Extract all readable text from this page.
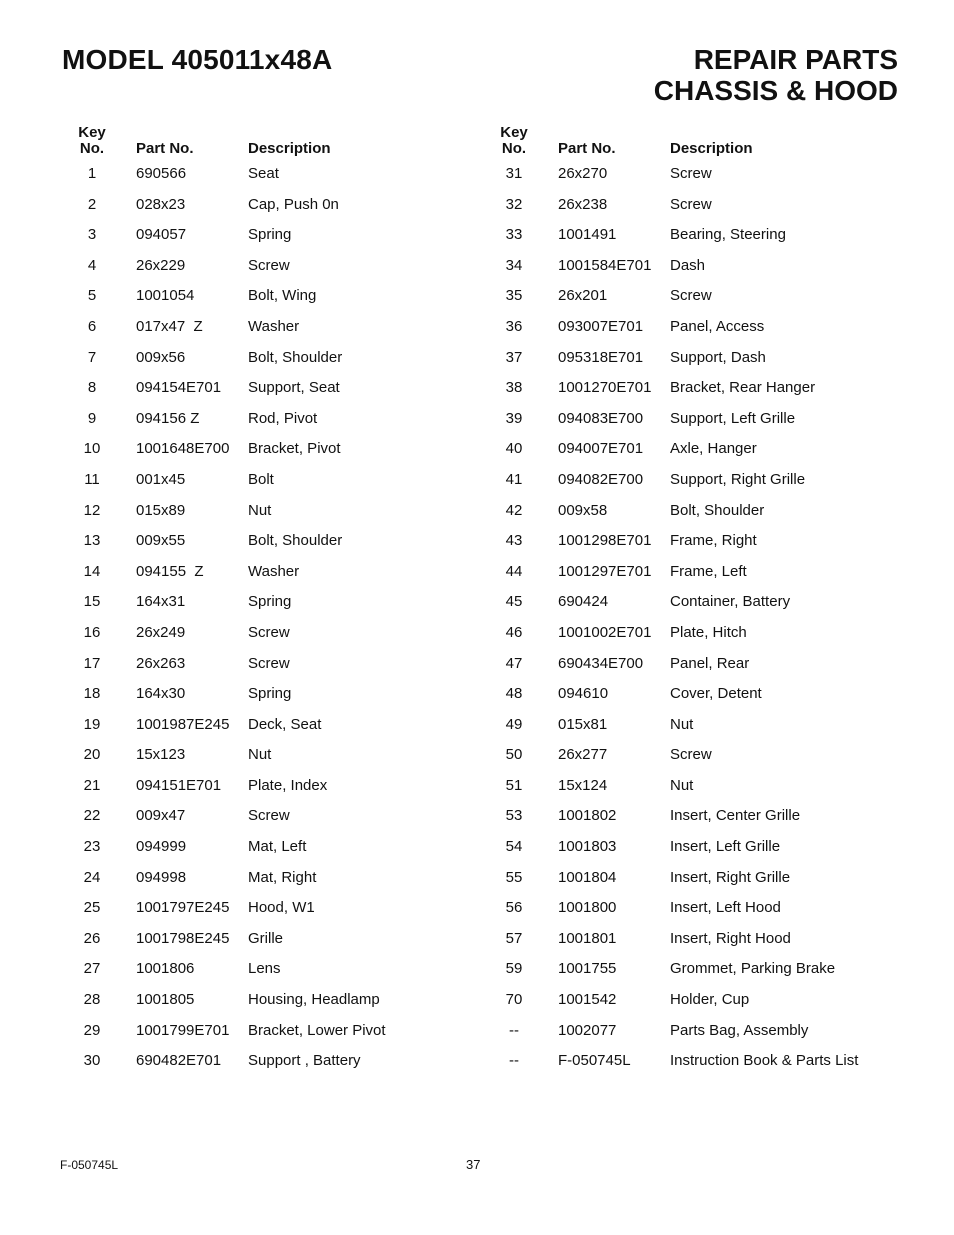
MODEL 405011x48A	REPAIR PARTS
CHASSIS & HOOD
Key
No.	Part No.	Description
1	690566	Seat
2	028x23	Cap, Push 0n
3	094057	Spring
4	26x229	Screw
5	1001054	Bolt, Wing
6	017x47  Z	Washer
7	009x56	Bolt, Shoulder
8	094154E701 Support, Seat
9	094156 Z	Rod, Pivot
10	1001648E700 Bracket, Pivot
11	001x45	Bolt
12	015x89	Nut
13	009x55	Bolt, Shoulder
14	094155  Z	Washer
15	164x31	Spring
16	26x249	Screw
17	26x263	Screw
18	164x30	Spring
19	1001987E245 Deck, Seat
20	15x123	Nut
21	094151E701 Plate, Index
22	009x47	Screw
23	094999	Mat, Left
24	094998	Mat, Right
25	1001797E245 Hood, W1
26	1001798E245 Grille
27	1001806	Lens
28	1001805	Housing, Headlamp
29	1001799E701 Bracket, Lower Pivot
30	690482E701 Support , Battery
Key
No.	Part No.	Description
31	26x270	Screw
32	26x238	Screw
33	1001491	Bearing, Steering
34	1001584E701 Dash
35	26x201	Screw
36	093007E701 Panel, Access
37	095318E701 Support, Dash
38	1001270E701 Bracket, Rear Hanger
39	094083E700 Support, Left Grille
40	094007E701 Axle, Hanger
41	094082E700 Support, Right Grille
42	009x58	Bolt, Shoulder
43	1001298E701 Frame, Right
44	1001297E701 Frame, Left
45	690424	Container, Battery
46	1001002E701 Plate, Hitch
47	690434E700 Panel, Rear
48	094610	Cover, Detent
49	015x81	Nut
50	26x277	Screw
51	15x124	Nut
53	1001802	Insert, Center Grille
54	1001803	Insert, Left Grille
55	1001804	Insert, Right Grille
56	1001800	Insert, Left Hood
57	1001801	Insert, Right Hood
59	1001755	Grommet, Parking Brake
70	1001542	Holder, Cup
--	1002077	Parts Bag, Assembly
--	F-050745L	Instruction Book & Parts List
F-050745L	37
